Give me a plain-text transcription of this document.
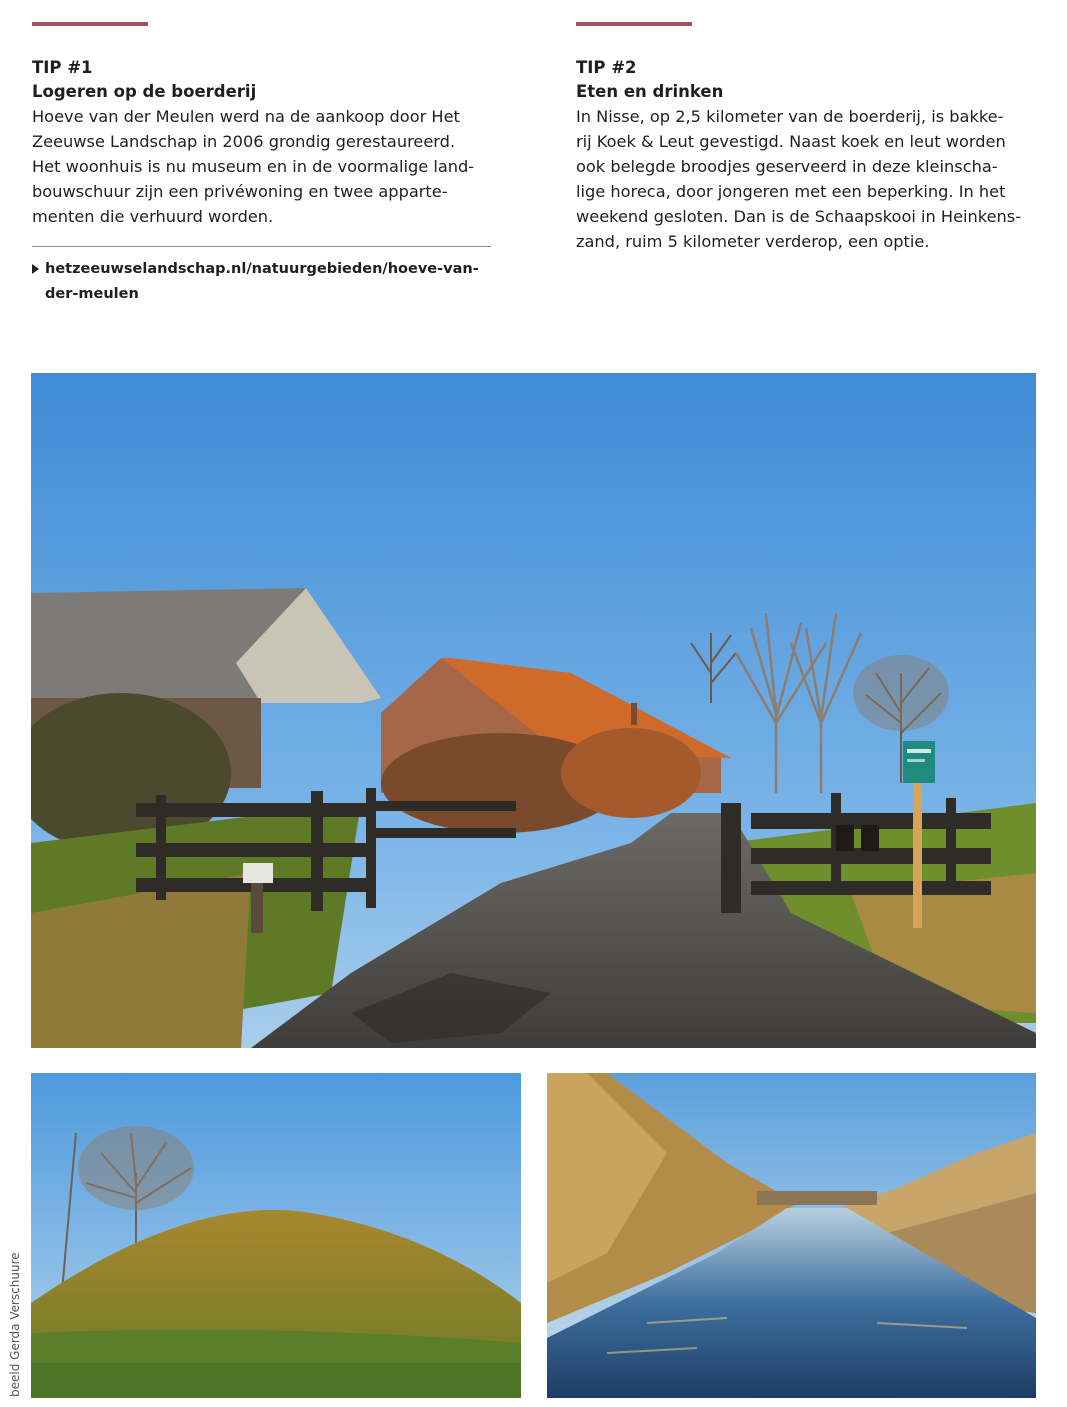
TIP #1

Logeren op de boerderij

Hoeve van der Meulen werd na de aankoop door Het
Zeeuwse Landschap in 2006 grondig gerestaureerd.
Het woonhuis is nu museum en in de voormalige land-
bouwschuur zijn een privéwoning en twee apparte-
menten die verhuurd worden.

hetzeeuwselandschap.nl/natuurgebieden/hoeve-van-
der-meulen

TIP #2

Eten en drinken

In Nisse, op 2,5 kilometer van de boerderij, is bakke-
rij Koek & Leut gevestigd. Naast koek en leut worden
ook belegde broodjes geserveerd in deze kleinscha-
lige horeca, door jongeren met een beperking. In het
weekend gesloten. Dan is de Schaapskooi in Heinkens-
zand, ruim 5 kilometer verderop, een optie.

beeld Gerda Verschuure
